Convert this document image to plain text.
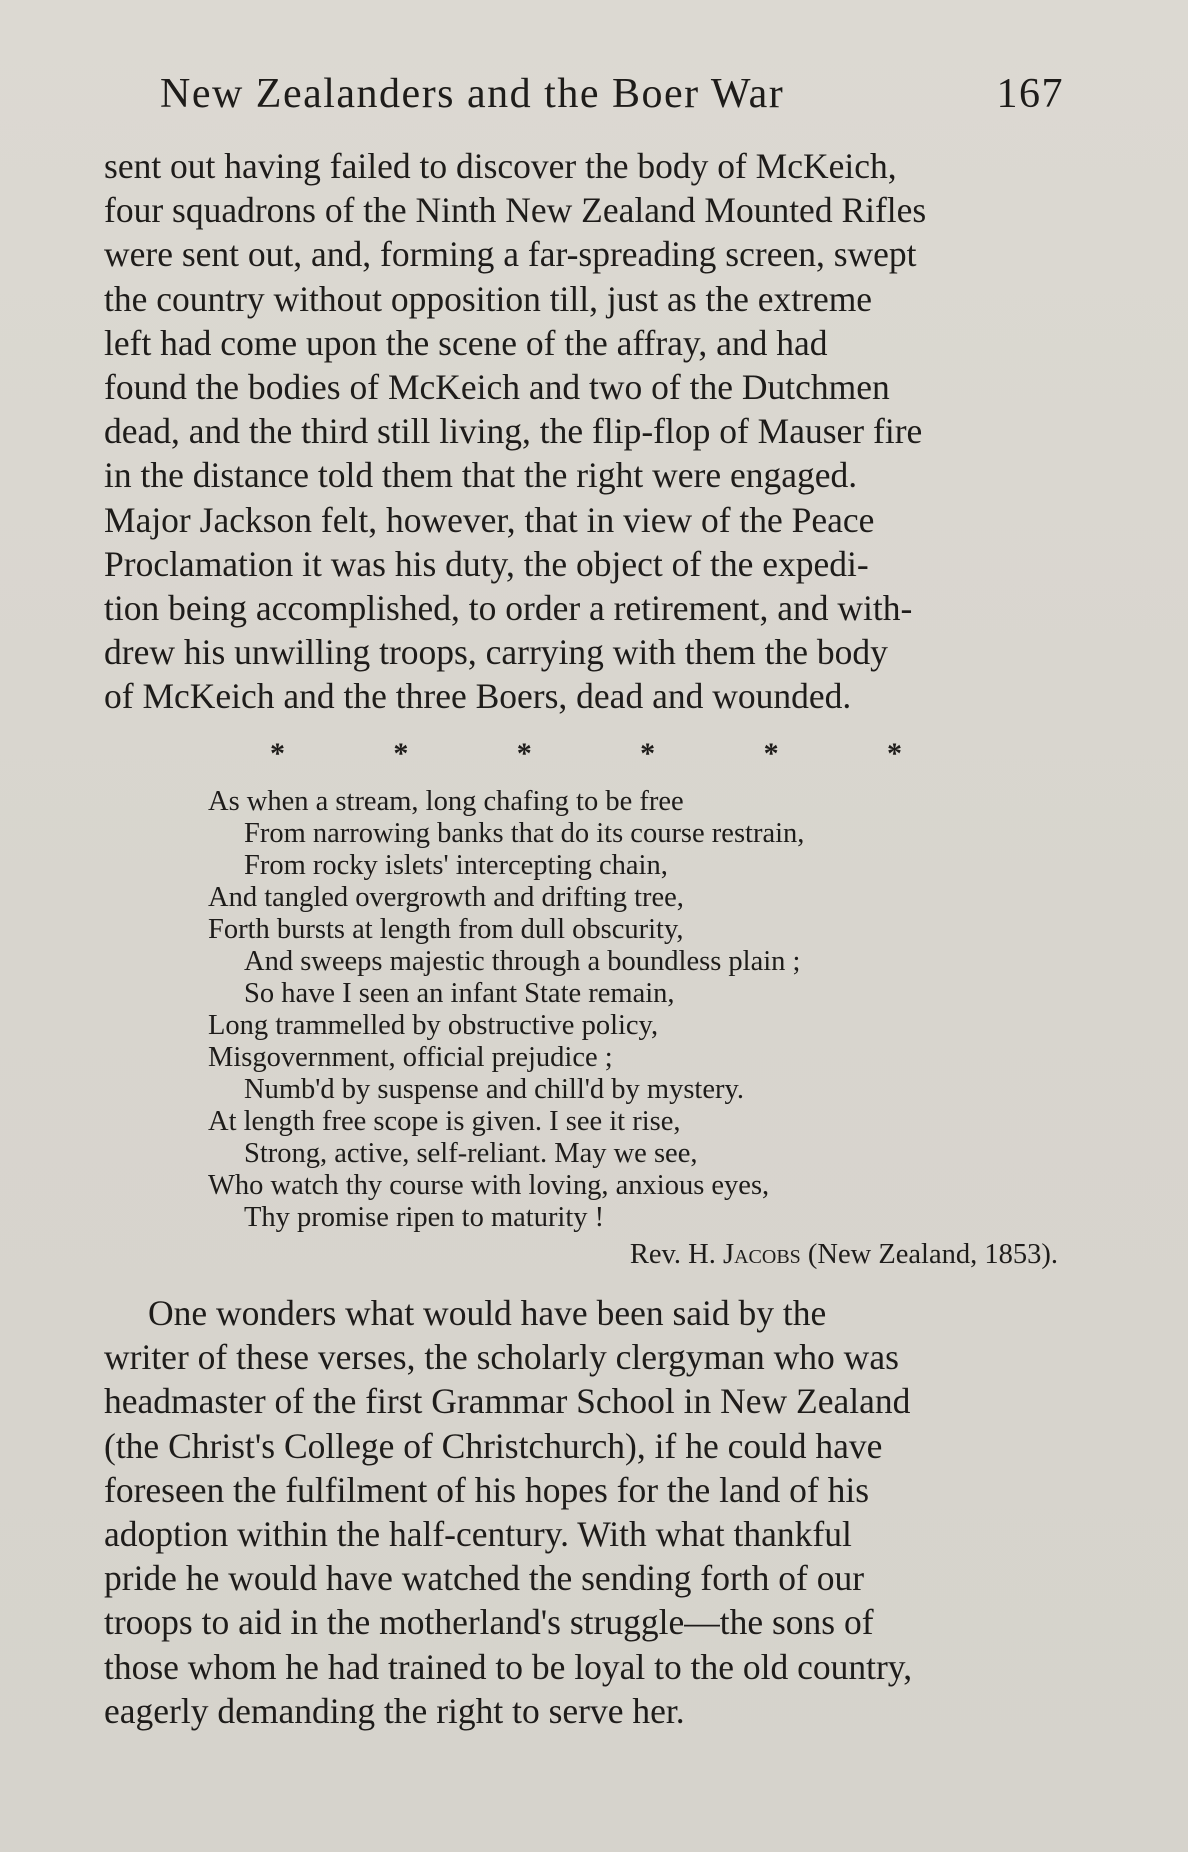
New Zealanders and the Boer War	167

sent out having failed to discover the body of McKeich,

four squadrons of the Ninth New Zealand Mounted Rifles

were sent out, and, forming a far-spreading screen, swept

the country without opposition till, just as the extreme

left had come upon the scene of the affray, and had

found the bodies of McKeich and two of the Dutchmen

dead, and the third still living, the flip-flop of Mauser fire

in the distance told them that the right were engaged.

Major Jackson felt, however, that in view of the Peace

Proclamation it was his duty, the object of the expedi-

tion being accomplished, to order a retirement, and with-

drew his unwilling troops, carrying with them the body

of McKeich and the three Boers, dead and wounded.

*	*	*	*	*	*
As when a stream, long chafing to be free
From narrowing banks that do its course restrain,
From rocky islets' intercepting chain,
And tangled overgrowth and drifting tree,
Forth bursts at length from dull obscurity,
And sweeps majestic through a boundless plain ;
So have I seen an infant State remain,
Long trammelled by obstructive policy,
Misgovernment, official prejudice ;
Numb'd by suspense and chill'd by mystery.
At length free scope is given. I see it rise,
Strong, active, self-reliant. May we see,
Who watch thy course with loving, anxious eyes,
Thy promise ripen to maturity !
Rev. H. Jacobs (New Zealand, 1853).

One wonders what would have been said by the

writer of these verses, the scholarly clergyman who was

headmaster of the first Grammar School in New Zealand

(the Christ's College of Christchurch), if he could have

foreseen the fulfilment of his hopes for the land of his

adoption within the half-century. With what thankful

pride he would have watched the sending forth of our

troops to aid in the motherland's struggle—the sons of

those whom he had trained to be loyal to the old country,

eagerly demanding the right to serve her.
